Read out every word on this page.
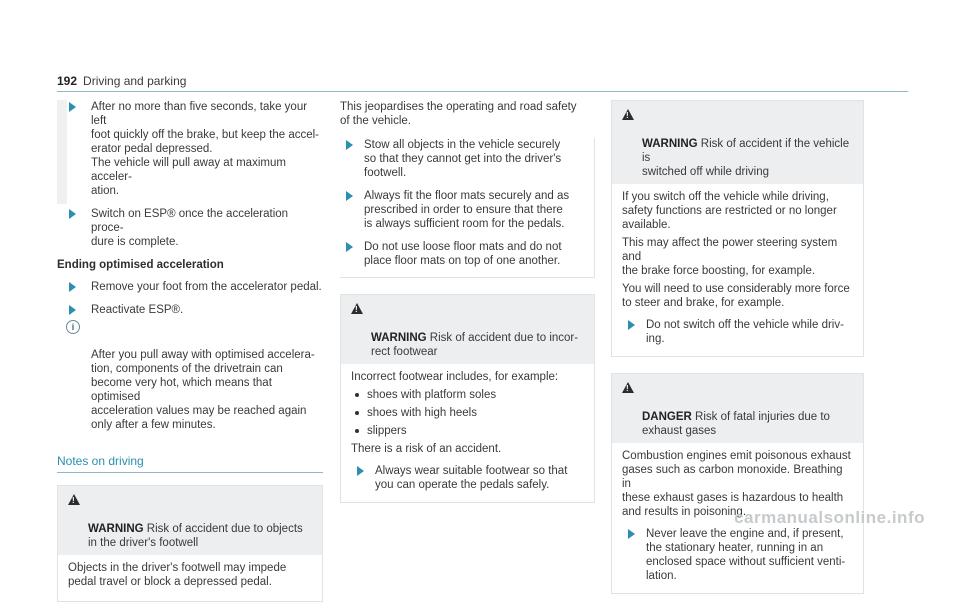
192 Driving and parking
After no more than five seconds, take your left
foot quickly off the brake, but keep the accel-
erator pedal depressed.
The vehicle will pull away at maximum acceler-
ation.
Switch on ESP® once the acceleration proce-
dure is complete.
Ending optimised acceleration
Remove your foot from the accelerator pedal.
Reactivate ESP®.

i

After you pull away with optimised accelera-
tion, components of the drivetrain can
become very hot, which means that optimised
acceleration values may be reached again
only after a few minutes.

Notes on driving

!

WARNING Risk of accident due to objects
in the driver's footwell

Objects in the driver's footwell may impede
pedal travel or block a depressed pedal.
This jeopardises the operating and road safety
of the vehicle.
Stow all objects in the vehicle securely
so that they cannot get into the driver's
footwell.
Always fit the floor mats securely and as
prescribed in order to ensure that there
is always sufficient room for the pedals.
Do not use loose floor mats and do not
place floor mats on top of one another.

!

WARNING Risk of accident due to incor-
rect footwear

Incorrect footwear includes, for example:
shoes with platform soles
shoes with high heels
slippers
There is a risk of an accident.
Always wear suitable footwear so that
you can operate the pedals safely.

!

WARNING Risk of accident if the vehicle is
switched off while driving

If you switch off the vehicle while driving,
safety functions are restricted or no longer
available.
This may affect the power steering system and
the brake force boosting, for example.
You will need to use considerably more force
to steer and brake, for example.
Do not switch off the vehicle while driv-
ing.

!

DANGER Risk of fatal injuries due to
exhaust gases

Combustion engines emit poisonous exhaust
gases such as carbon monoxide. Breathing in
these exhaust gases is hazardous to health
and results in poisoning.
Never leave the engine and, if present,
the stationary heater, running in an
enclosed space without sufficient venti-
lation.
carmanualsonline.info
